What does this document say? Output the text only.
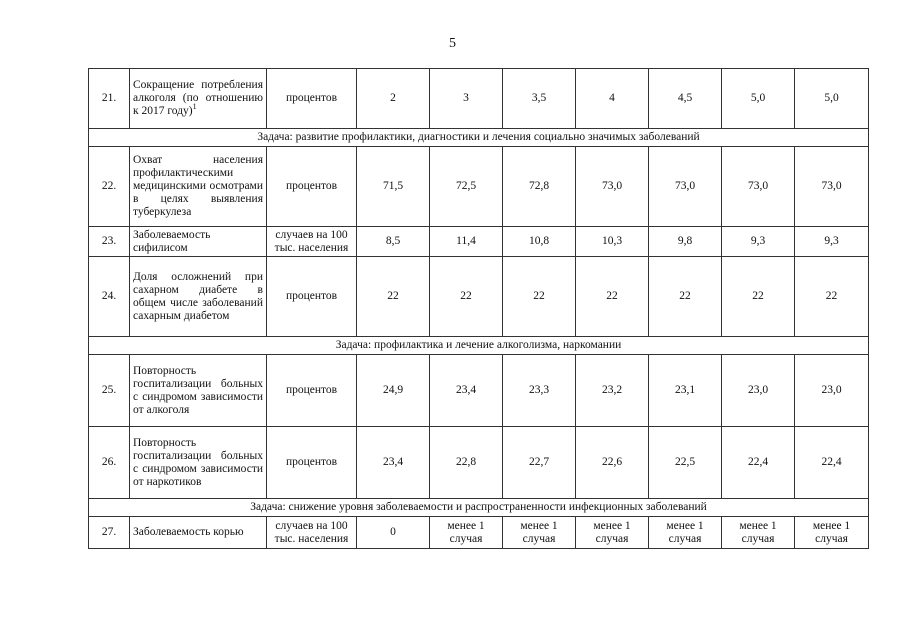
5
21.	Сокращение потребления алкоголя (по отношению к 2017 году)$^1$	процентов	2	3	3,5	4	4,5	5,0	5,0
Задача: развитие профилактики, диагностики и лечения социально значимых заболеваний									
22.	Охват населения профилактическими медицинскими осмотрами в целях выявления туберкулеза	процентов	71,5	72,5	72,8	73,0	73,0	73,0	73,0
23.	Заболеваемость сифилисом	случаев на 100 тыс. населения	8,5	11,4	10,8	10,3	9,8	9,3	9,3
24.	Доля осложнений при сахарном диабете в общем числе заболеваний сахарным диабетом	процентов	22	22	22	22	22	22	22
Задача: профилактика и лечение алкоголизма, наркомании									
25.	Повторность госпитализации больных с синдромом зависимости от алкоголя	процентов	24,9	23,4	23,3	23,2	23,1	23,0	23,0
26.	Повторность госпитализации больных с синдромом зависимости от наркотиков	процентов	23,4	22,8	22,7	22,6	22,5	22,4	22,4
Задача: снижение уровня заболеваемости и распространенности инфекционных заболеваний									
27.	Заболеваемость корью	случаев на 100 тыс. населения	0	менее 1 случая	менее 1 случая	менее 1 случая	менее 1 случая	менее 1 случая	менее 1 случая
